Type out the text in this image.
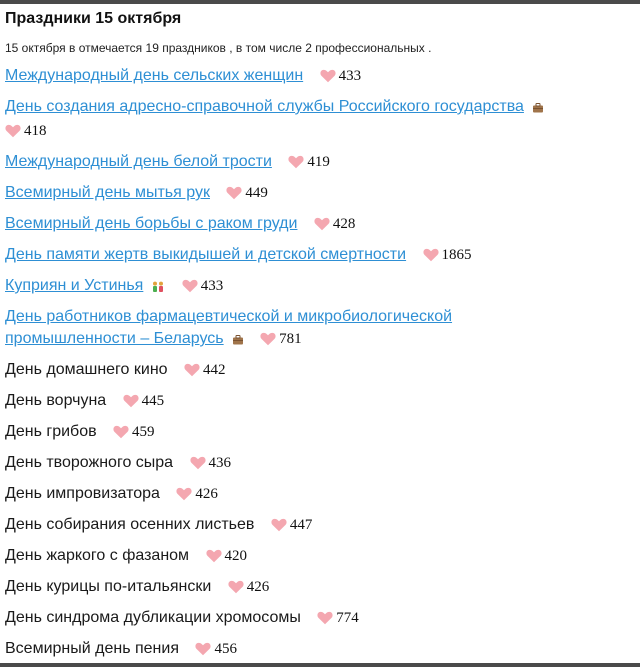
Праздники 15 октября
15 октября в отмечается 19 праздников , в том числе 2 профессиональных .
Международный день сельских женщин 433
День создания адресно-справочной службы Российского государства
418
Международный день белой трости 419
Всемирный день мытья рук 449
Всемирный день борьбы с раком груди 428
День памяти жертв выкидышей и детской смертности 1865
Куприян и Устинья	433
День работников фармацевтической и микробиологической
промышленности – Беларусь	781
День домашнего кино 442
День ворчуна 445
День грибов 459
День творожного сыра 436
День импровизатора 426
День собирания осенних листьев 447
День жаркого с фазаном 420
День курицы по-итальянски 426
День синдрома дубликации хромосомы 774
Всемирный день пения 456
